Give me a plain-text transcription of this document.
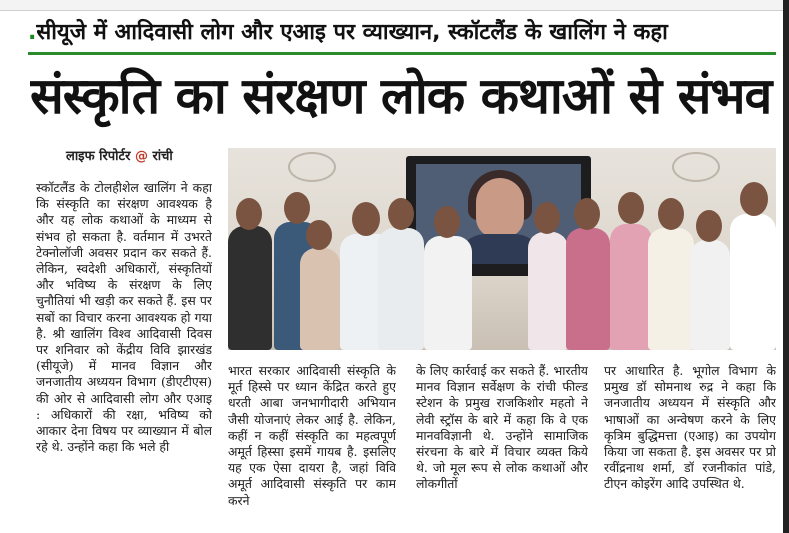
.सीयूजे में आदिवासी लोग और एआइ पर व्याख्यान, स्कॉटलैंड के खालिंग ने कहा
संस्कृति का संरक्षण लोक कथाओं से संभव
लाइफ रिपोर्टर @ रांची
स्कॉटलैंड के टोलहीशेल खालिंग ने कहा कि संस्कृति का संरक्षण आवश्यक है और यह लोक कथाओं के माध्यम से संभव हो सकता है. वर्तमान में उभरते टेक्नोलॉजी अवसर प्रदान कर सकते हैं. लेकिन, स्वदेशी अधिकारों, संस्कृतियों और भविष्य के संरक्षण के लिए चुनौतियां भी खड़ी कर सकते हैं. इस पर सबों का विचार करना आवश्यक हो गया है. श्री खालिंग विश्व आदिवासी दिवस पर शनिवार को केंद्रीय विवि झारखंड (सीयूजे) में मानव विज्ञान और जनजातीय अध्ययन विभाग (डीएटीएस) की ओर से आदिवासी लोग और एआइ : अधिकारों की रक्षा, भविष्य को आकार देना विषय पर व्याख्यान में बोल रहे थे. उन्होंने कहा कि भले ही
भारत सरकार आदिवासी संस्कृति के मूर्त हिस्से पर ध्यान केंद्रित करते हुए धरती आबा जनभागीदारी अभियान जैसी योजनाएं लेकर आई है. लेकिन, कहीं न कहीं संस्कृति का महत्वपूर्ण अमूर्त हिस्सा इसमें गायब है. इसलिए यह एक ऐसा दायरा है, जहां विवि अमूर्त आदिवासी संस्कृति पर काम करने
के लिए कार्रवाई कर सकते हैं. भारतीय मानव विज्ञान सर्वेक्षण के रांची फील्ड स्टेशन के प्रमुख राजकिशोर महतो ने लेवी स्ट्रॉस के बारे में कहा कि वे एक मानवविज्ञानी थे. उन्होंने सामाजिक संरचना के बारे में विचार व्यक्त किये थे. जो मूल रूप से लोक कथाओं और लोकगीतों
पर आधारित है. भूगोल विभाग के प्रमुख डॉ सोमनाथ रुद्र ने कहा कि जनजातीय अध्ययन में संस्कृति और भाषाओं का अन्वेषण करने के लिए कृत्रिम बुद्धिमत्ता (एआइ) का उपयोग किया जा सकता है. इस अवसर पर प्रो रवींद्रनाथ शर्मा, डॉ रजनीकांत पांडे, टीएन कोइरेंग आदि उपस्थित थे.
